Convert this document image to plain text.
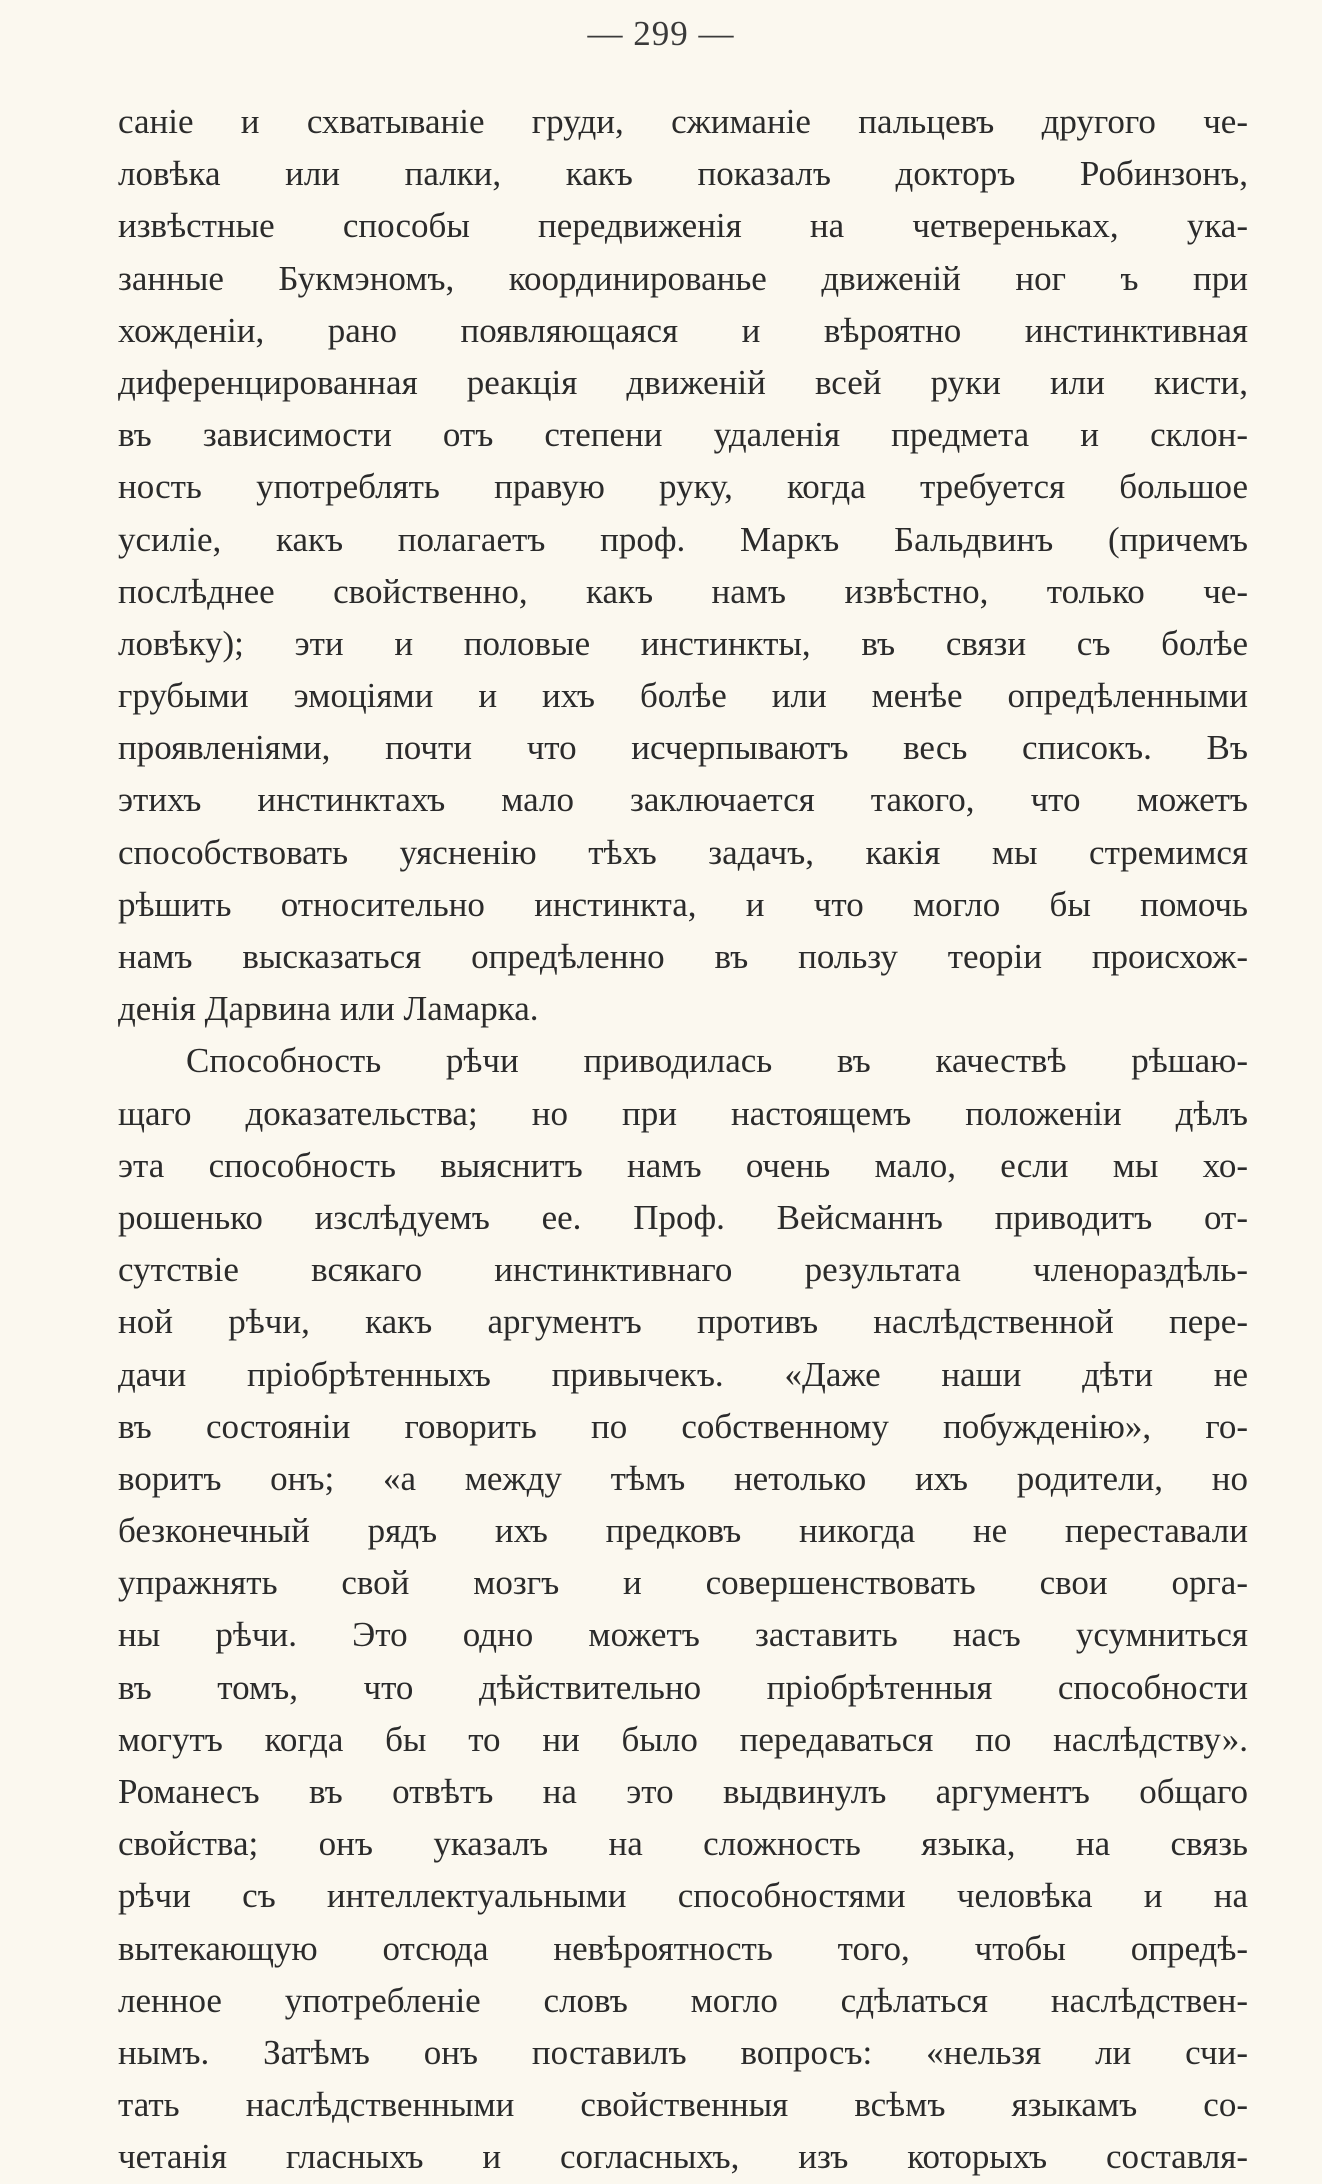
— 299 —
саніе и схватываніе груди, сжиманіе пальцевъ другого че-
ловѣка или палки, какъ показалъ докторъ Робинзонъ,
извѣстные способы передвиженія на четвереньках, ука-
занные Букмэномъ, координированье движеній ног ъ при
хожденіи, рано появляющаяся и вѣроятно инстинктивная
диференцированная реакція движеній всей руки или кисти,
въ зависимости отъ степени удаленія предмета и склон-
ность употреблять правую руку, когда требуется большое
усиліе, какъ полагаетъ проф. Маркъ Бальдвинъ (причемъ
послѣднее свойственно, какъ намъ извѣстно, только че-
ловѣку); эти и половые инстинкты, въ связи съ болѣе
грубыми эмоціями и ихъ болѣе или менѣе опредѣленными
проявленіями, почти что исчерпываютъ весь списокъ. Въ
этихъ инстинктахъ мало заключается такого, что можетъ
способствовать уясненію тѣхъ задачъ, какія мы стремимся
рѣшить относительно инстинкта, и что могло бы помочь
намъ высказаться опредѣленно въ пользу теоріи происхож-
денія Дарвина или Ламарка.
Способность рѣчи приводилась въ качествѣ рѣшаю-
щаго доказательства; но при настоящемъ положеніи дѣлъ
эта способность выяснитъ намъ очень мало, если мы хо-
рошенько изслѣдуемъ ее. Проф. Вейсманнъ приводитъ от-
сутствіе всякаго инстинктивнаго результата членораздѣль-
ной рѣчи, какъ аргументъ противъ наслѣдственной пере-
дачи пріобрѣтенныхъ привычекъ. «Даже наши дѣти не
въ состояніи говорить по собственному побужденію», го-
воритъ онъ; «а между тѣмъ нетолько ихъ родители, но
безконечный рядъ ихъ предковъ никогда не переставали
упражнять свой мозгъ и совершенствовать свои орга-
ны рѣчи. Это одно можетъ заставить насъ усумниться
въ томъ, что дѣйствительно пріобрѣтенныя способности
могутъ когда бы то ни было передаваться по наслѣдству».
Романесъ въ отвѣтъ на это выдвинулъ аргументъ общаго
свойства; онъ указалъ на сложность языка, на связь
рѣчи съ интеллектуальными способностями человѣка и на
вытекающую отсюда невѣроятность того, чтобы опредѣ-
ленное употребленіе словъ могло сдѣлаться наслѣдствен-
нымъ. Затѣмъ онъ поставилъ вопросъ: «нельзя ли счи-
тать наслѣдственными свойственныя всѣмъ языкамъ со-
четанія гласныхъ и согласныхъ, изъ которыхъ составля-
